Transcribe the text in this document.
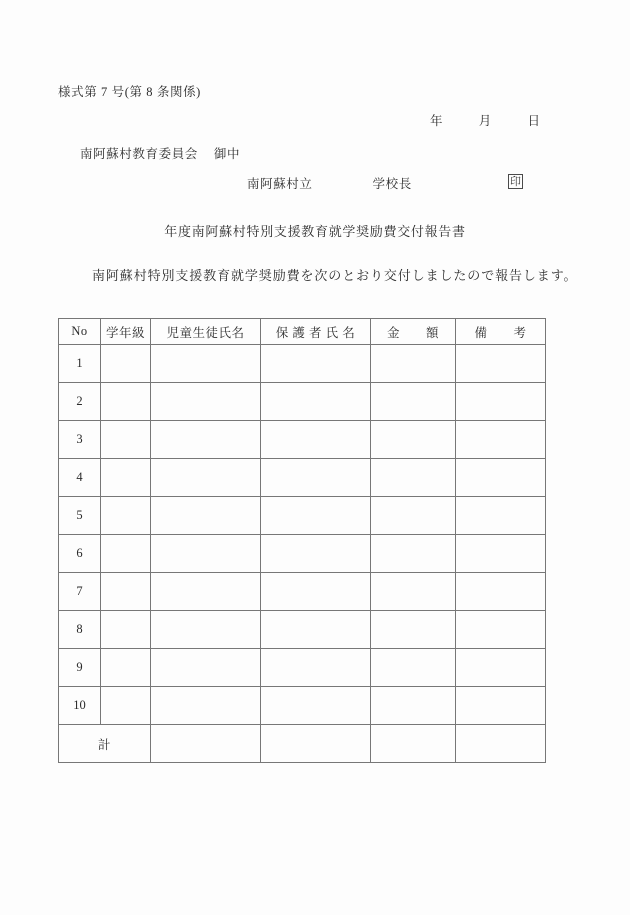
様式第 7 号(第 8 条関係)
年	月	日
南阿蘇村教育委員会 御中
南阿蘇村立	学校長	印
年度南阿蘇村特別支援教育就学奨励費交付報告書
南阿蘇村特別支援教育就学奨励費を次のとおり交付しましたので報告します。
No	学年級	児童生徒氏名	保 護 者 氏 名	金　　額	備　　考
1					
2					
3					
4					
5					
6					
7					
8					
9					
10					
計					
